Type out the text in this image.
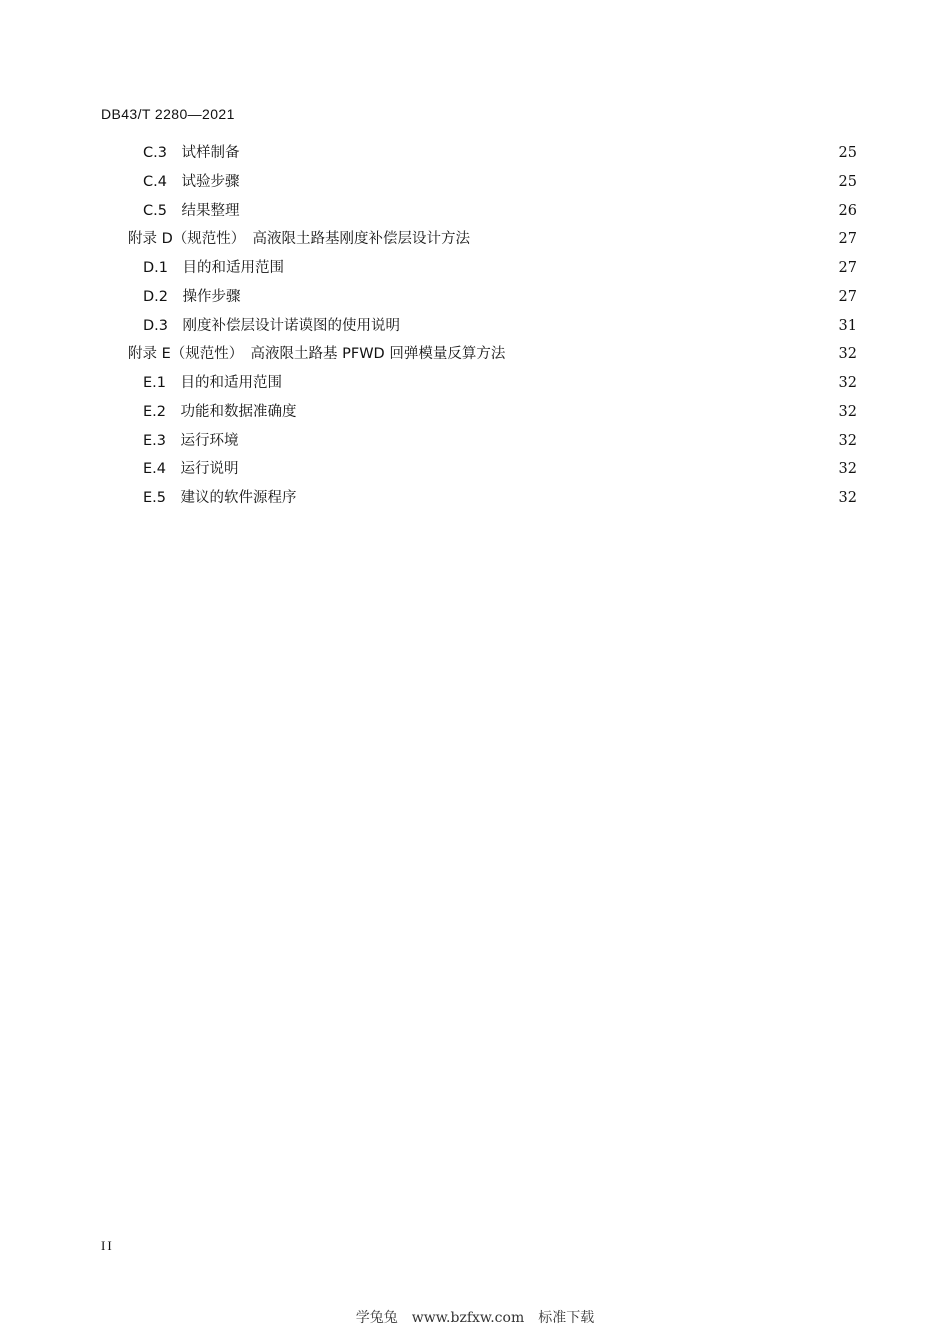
DB43/T 2280—2021
C.3　试样制备	25
C.4　试验步骤	25
C.5　结果整理	26
附录 D（规范性）　高液限土路基刚度补偿层设计方法	27
D.1　目的和适用范围	27
D.2　操作步骤	27
D.3　刚度补偿层设计诺谟图的使用说明	31
附录 E（规范性）　高液限土路基 PFWD 回弹模量反算方法	32
E.1　目的和适用范围	32
E.2　功能和数据准确度	32
E.3　运行环境	32
E.4　运行说明	32
E.5　建议的软件源程序	32
II
学兔兔　www.bzfxw.com　标准下载
